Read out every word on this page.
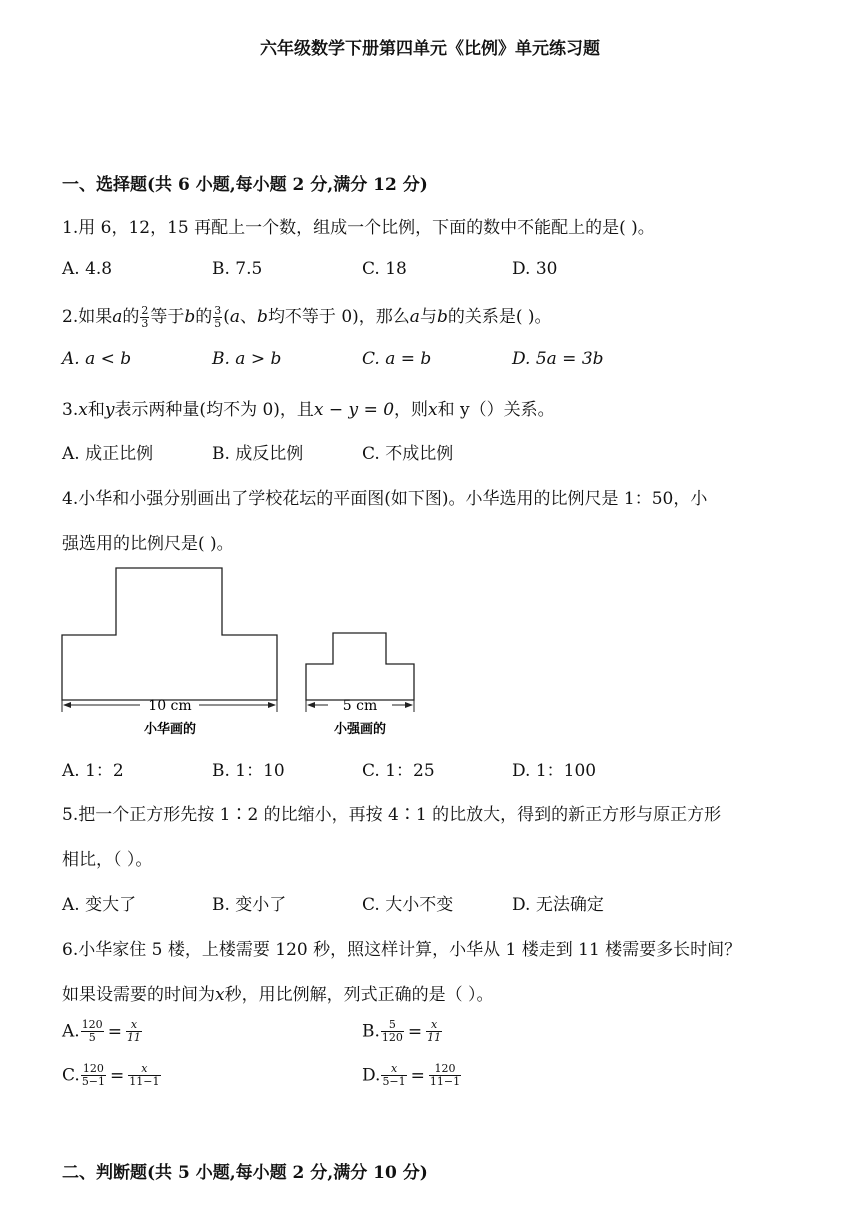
六年级数学下册第四单元《比例》单元练习题
一、选择题(共 6 小题,每小题 2 分,满分 12 分)
1.用 6，12，15 再配上一个数，组成一个比例，下面的数中不能配上的是( )。
A. 4.8	B. 7.5	C. 18	D. 30
2.如果a的 $\frac{2}{3}$ 等于b的 $\frac{3}{5} (a$、b均不等于 0)，那么a与b的关系是( )。
A. a < b	B. a > b	C. a = b	D. 5a = 3b
3.x和y表示两种量(均不为 0)，且x − y = 0，则x和 y（）关系。
A. 成正比例	B. 成反比例	C. 不成比例
4.小华和小强分别画出了学校花坛的平面图(如下图)。小华选用的比例尺是 1：50，小
强选用的比例尺是( )。
10 cm
小华画的
5 cm
小强画的
A. 1：2	B. 1：10	C. 1：25	D. 1：100
5.把一个正方形先按 1∶2 的比缩小，再按 4∶1 的比放大，得到的新正方形与原正方形
相比，（ ）。
A. 变大了	B. 变小了	C. 大小不变	D. 无法确定
6.小华家住 5 楼，上楼需要 120 秒，照这样计算，小华从 1 楼走到 11 楼需要多长时间？
如果设需要的时间为x秒，用比例解，列式正确的是（ ）。
A. $\frac{120}{5} = \frac{x}{11}$	B. $\frac{5}{120} = \frac{x}{11}$
C. $\frac{120}{5-1} = \frac{x}{11-1}$	D. $\frac{x}{5-1} = \frac{120}{11-1}$
二、判断题(共 5 小题,每小题 2 分,满分 10 分)
